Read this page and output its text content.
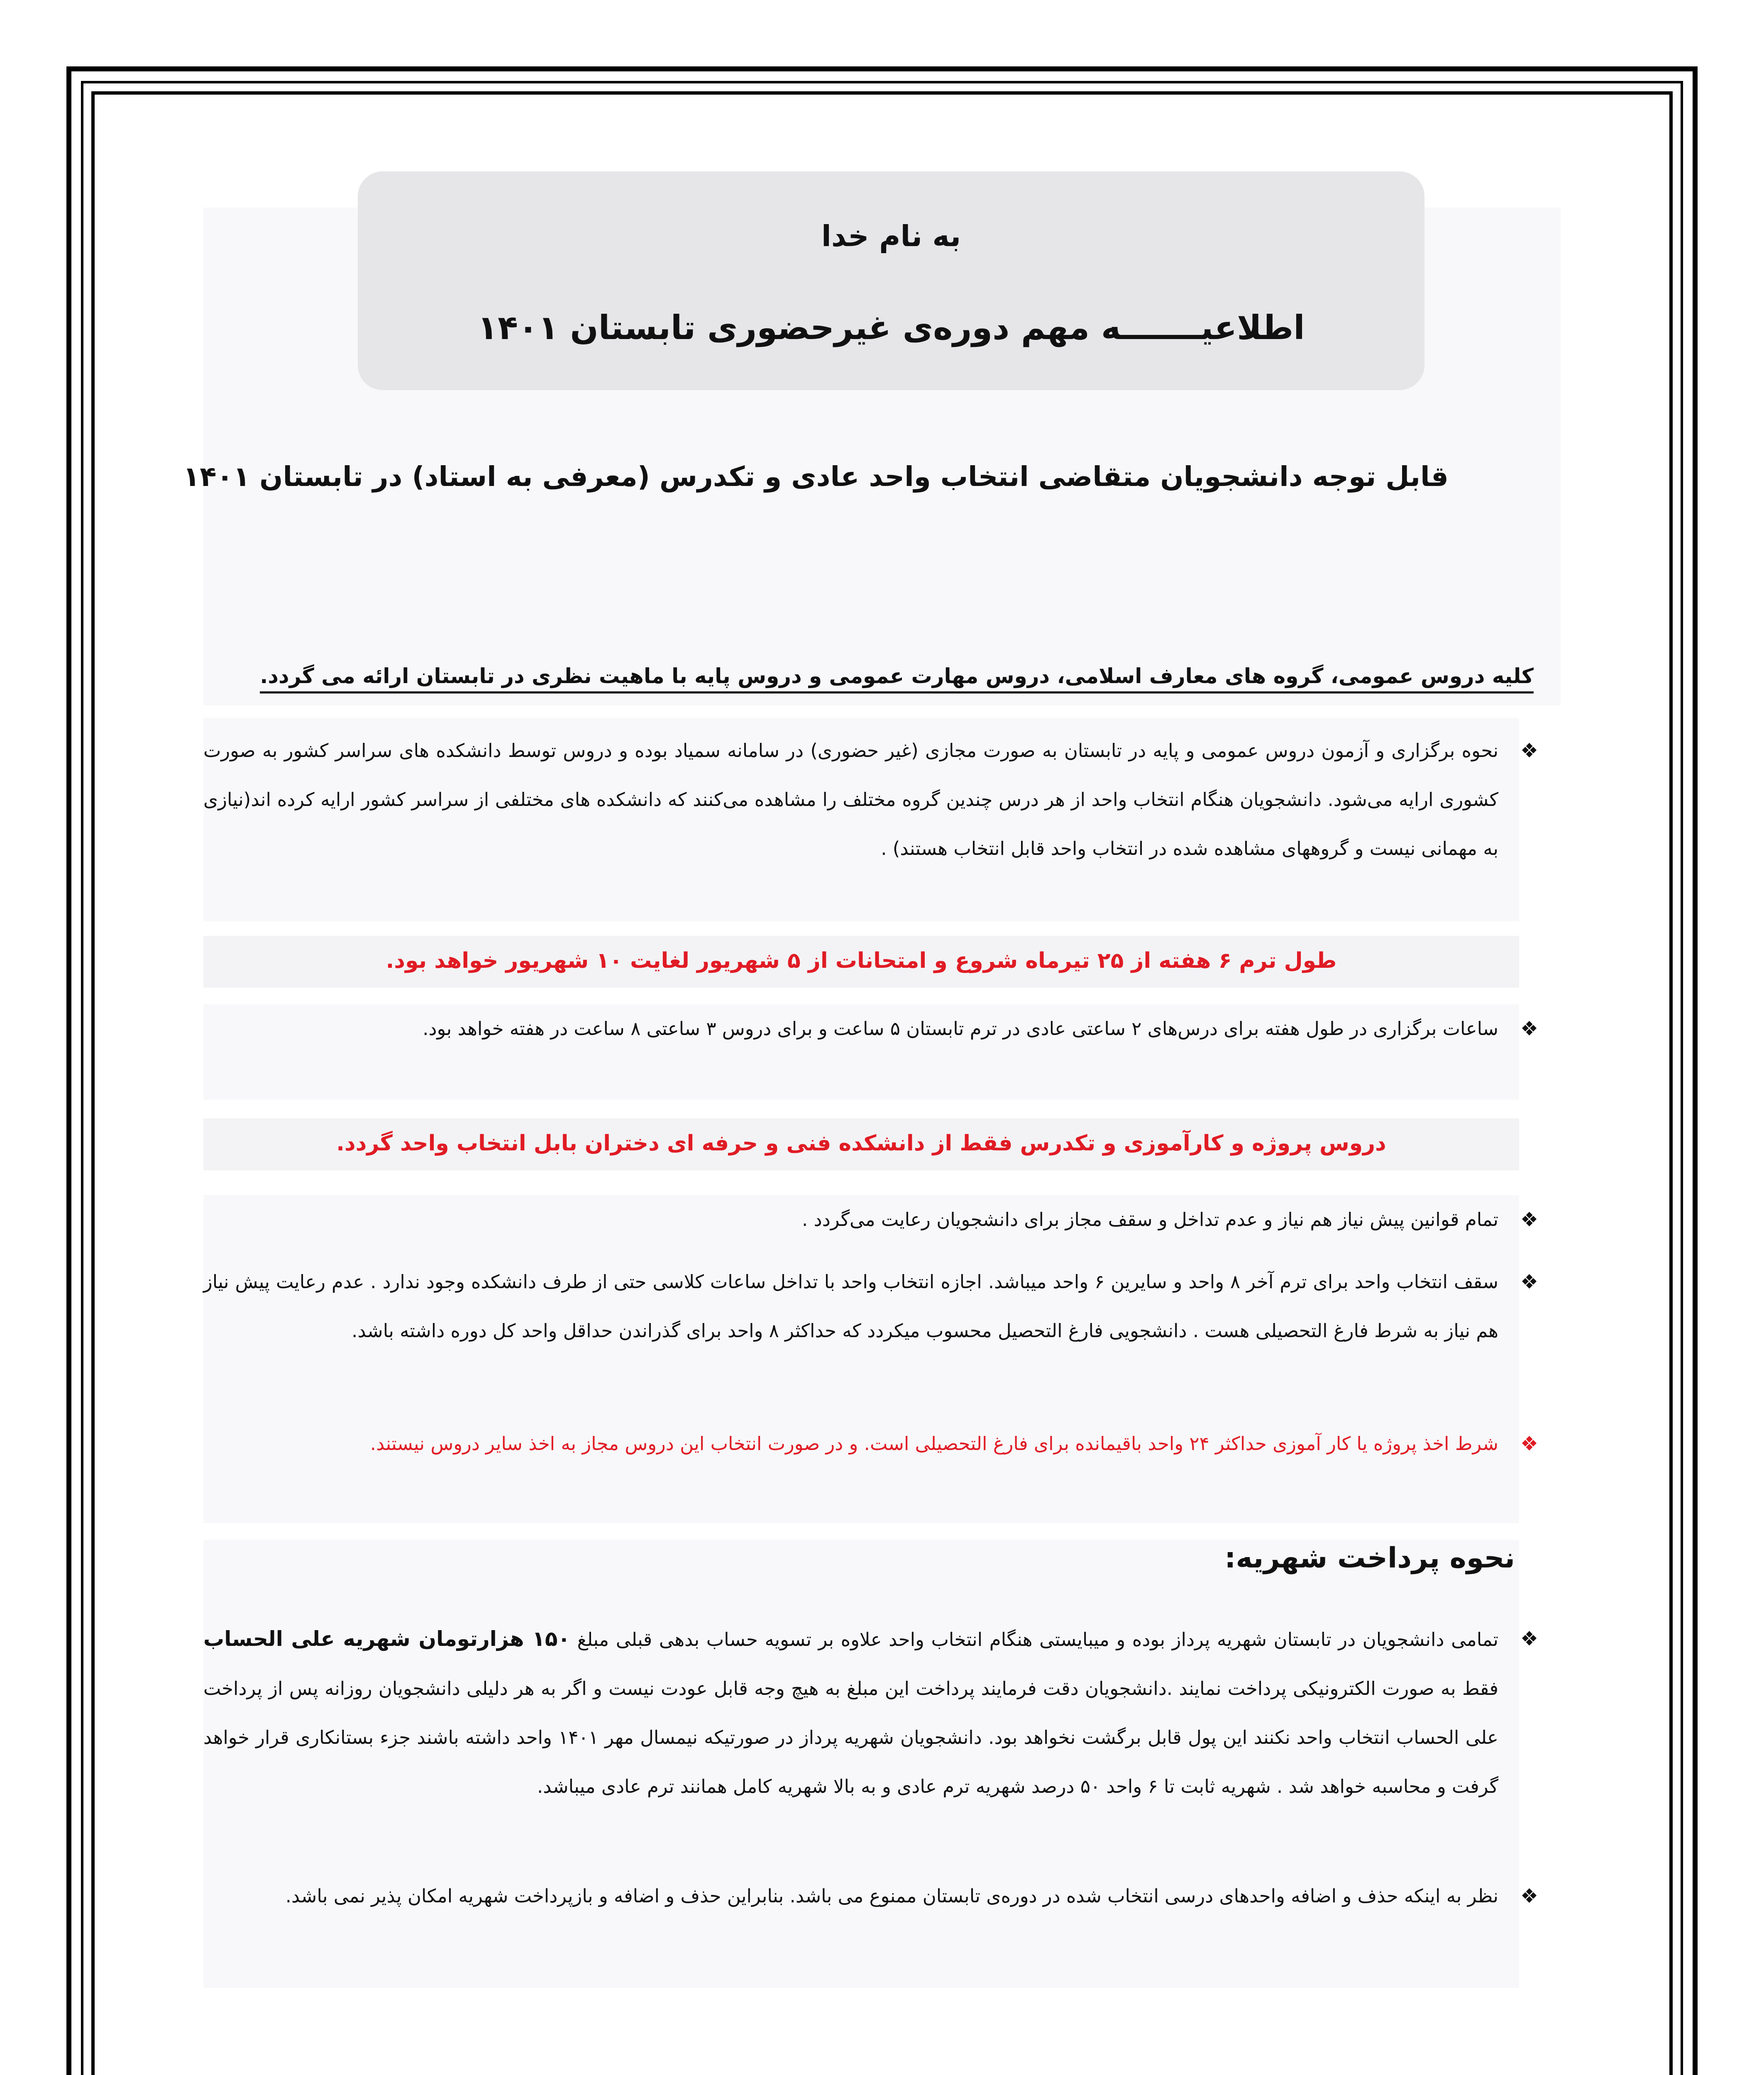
به نام خدا
اطلاعیـــــــه مهم دوره‌ی غیرحضوری تابستان ۱۴۰۱
قابل توجه دانشجویان متقاضی انتخاب واحد عادی و تکدرس (معرفی به استاد) در تابستان ۱۴۰۱
کلیه دروس عمومی، گروه های معارف اسلامی، دروس مهارت عمومی و دروس پایه با ماهیت نظری در تابستان ارائه می گردد.
❖
نحوه برگزاری و آزمون دروس عمومی و پایه در تابستان به صورت مجازی (غیر حضوری) در سامانه سمیاد بوده و دروس توسط دانشکده های سراسر کشور به صورت کشوری ارایه می‌شود. دانشجویان هنگام انتخاب واحد از هر درس چندین گروه مختلف را مشاهده می‌کنند که دانشکده های مختلفی از سراسر کشور ارایه کرده اند(نیازی به مهمانی نیست و گروههای مشاهده شده در انتخاب واحد قابل انتخاب هستند) .
طول ترم ۶ هفته از ۲۵ تیرماه شروع و امتحانات از ۵ شهریور لغایت ۱۰ شهریور خواهد بود.
❖
ساعات برگزاری در طول هفته برای درس‌های ۲ ساعتی عادی در ترم تابستان ۵ ساعت و برای دروس ۳ ساعتی ۸ ساعت در هفته خواهد بود.
دروس پروژه و کارآموزی و تکدرس فقط از دانشکده فنی و حرفه ای دختران بابل انتخاب واحد گردد.
❖
تمام قوانین پیش نیاز هم نیاز و عدم تداخل و سقف مجاز برای دانشجویان رعایت می‌گردد .
❖
سقف انتخاب واحد برای ترم آخر ۸ واحد و سایرین ۶ واحد میباشد. اجازه انتخاب واحد با تداخل ساعات کلاسی حتی از طرف دانشکده وجود ندارد . عدم رعایت پیش نیاز هم نیاز به شرط فارغ التحصیلی هست . دانشجویی فارغ التحصیل محسوب میکردد که حداکثر ۸ واحد برای گذراندن حداقل واحد کل دوره داشته باشد.
❖
شرط اخذ پروژه یا کار آموزی حداکثر ۲۴ واحد باقیمانده برای فارغ التحصیلی است. و در صورت انتخاب این دروس مجاز به اخذ سایر دروس نیستند.
نحوه پرداخت شهریه:
❖
تمامی دانشجویان در تابستان شهریه پرداز بوده و میبایستی هنگام انتخاب واحد علاوه بر تسویه حساب بدهی قبلی مبلغ ۱۵۰ هزارتومان شهریه علی الحساب فقط به صورت الکترونیکی پرداخت نمایند .دانشجویان دقت فرمایند پرداخت این مبلغ به هیچ وجه قابل عودت نیست و اگر به هر دلیلی دانشجویان روزانه پس از پرداخت علی الحساب انتخاب واحد نکنند این پول قابل برگشت نخواهد بود. دانشجویان شهریه پرداز در صورتیکه نیمسال مهر ۱۴۰۱ واحد داشته باشند جزء بستانکاری قرار خواهد گرفت و محاسبه خواهد شد . شهریه ثابت تا ۶ واحد ۵۰ درصد شهریه ترم عادی و به بالا شهریه کامل همانند ترم عادی میباشد.
❖
نظر به اینکه حذف و اضافه واحدهای درسی انتخاب شده در دوره‌ی تابستان ممنوع می باشد. بنابراین حذف و اضافه و بازپرداخت شهریه امکان پذیر نمی باشد.
